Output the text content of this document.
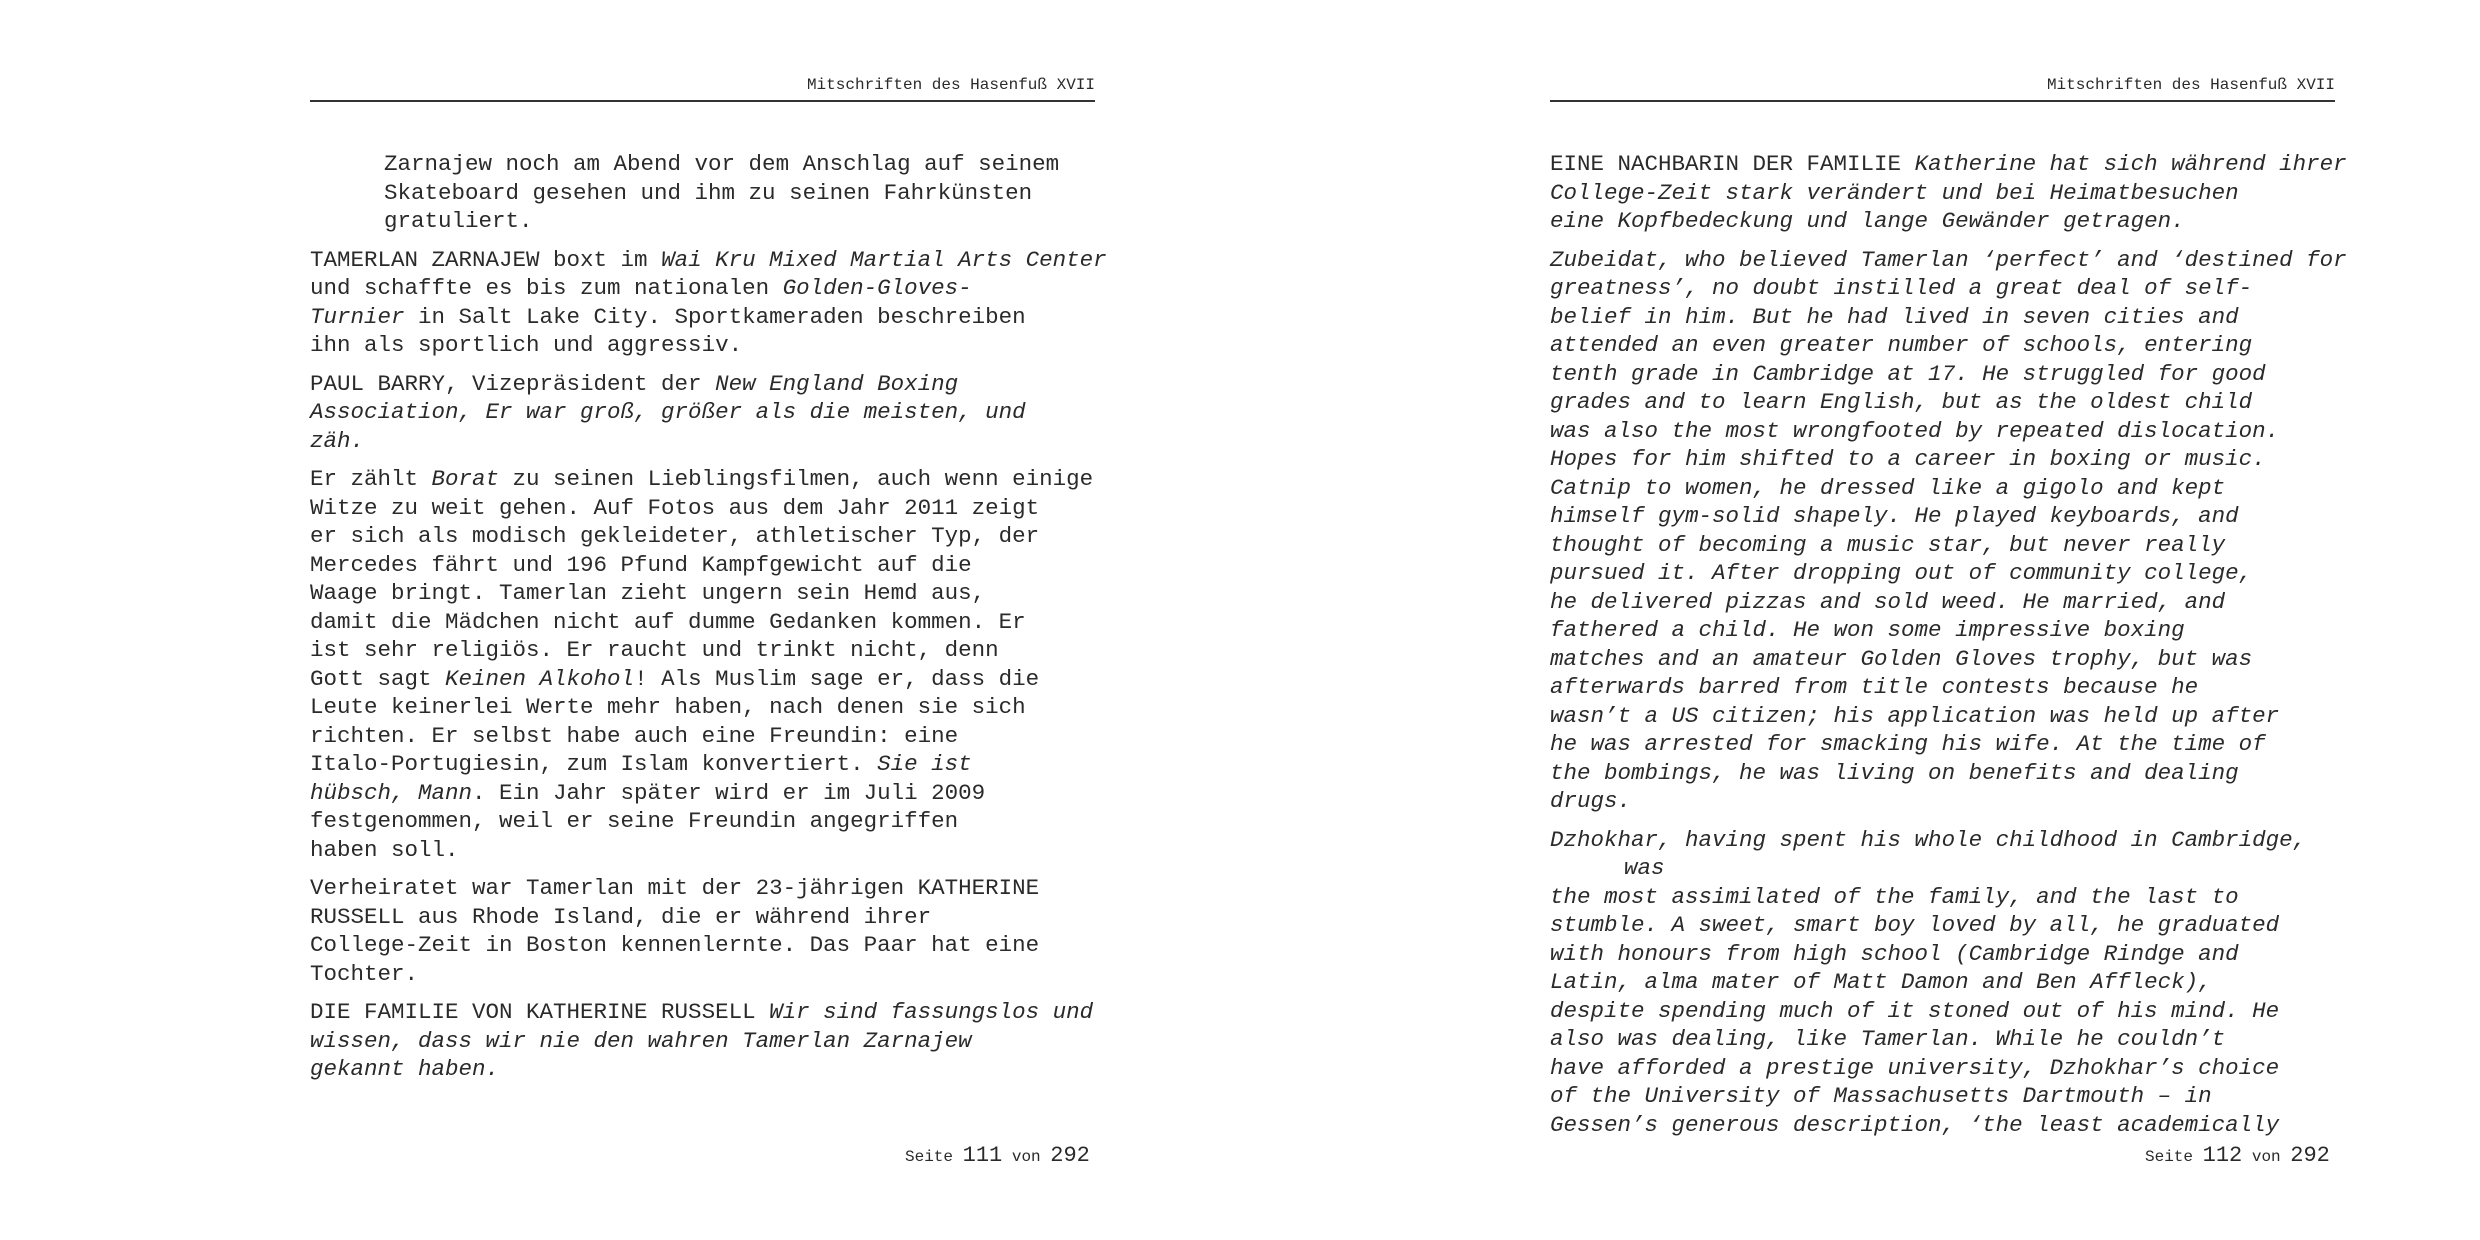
Mitschriften des Hasenfuß XVII
Zarnajew noch am Abend vor dem Anschlag auf seinem
Skateboard gesehen und ihm zu seinen Fahrkünsten
gratuliert.
TAMERLAN ZARNAJEW boxt im Wai Kru Mixed Martial Arts Center
und schaffte es bis zum nationalen Golden-Gloves-
Turnier in Salt Lake City. Sportkameraden beschreiben
ihn als sportlich und aggressiv.
PAUL BARRY, Vizepräsident der New England Boxing
Association, Er war groß, größer als die meisten, und
zäh.
Er zählt Borat zu seinen Lieblingsfilmen, auch wenn einige
Witze zu weit gehen. Auf Fotos aus dem Jahr 2011 zeigt
er sich als modisch gekleideter, athletischer Typ, der
Mercedes fährt und 196 Pfund Kampfgewicht auf die
Waage bringt. Tamerlan zieht ungern sein Hemd aus,
damit die Mädchen nicht auf dumme Gedanken kommen. Er
ist sehr religiös. Er raucht und trinkt nicht, denn
Gott sagt Keinen Alkohol! Als Muslim sage er, dass die
Leute keinerlei Werte mehr haben, nach denen sie sich
richten. Er selbst habe auch eine Freundin: eine
Italo-Portugiesin, zum Islam konvertiert. Sie ist
hübsch, Mann. Ein Jahr später wird er im Juli 2009
festgenommen, weil er seine Freundin angegriffen
haben soll.
Verheiratet war Tamerlan mit der 23-jährigen KATHERINE
RUSSELL aus Rhode Island, die er während ihrer
College-Zeit in Boston kennenlernte. Das Paar hat eine
Tochter.
DIE FAMILIE VON KATHERINE RUSSELL Wir sind fassungslos und
wissen, dass wir nie den wahren Tamerlan Zarnajew
gekannt haben.
Seite 111 von 292
Mitschriften des Hasenfuß XVII
EINE NACHBARIN DER FAMILIE Katherine hat sich während ihrer
College-Zeit stark verändert und bei Heimatbesuchen
eine Kopfbedeckung und lange Gewänder getragen.
Zubeidat, who believed Tamerlan ‘perfect’ and ‘destined for
greatness’, no doubt instilled a great deal of self-
belief in him. But he had lived in seven cities and
attended an even greater number of schools, entering
tenth grade in Cambridge at 17. He struggled for good
grades and to learn English, but as the oldest child
was also the most wrongfooted by repeated dislocation.
Hopes for him shifted to a career in boxing or music.
Catnip to women, he dressed like a gigolo and kept
himself gym-solid shapely. He played keyboards, and
thought of becoming a music star, but never really
pursued it. After dropping out of community college,
he delivered pizzas and sold weed. He married, and
fathered a child. He won some impressive boxing
matches and an amateur Golden Gloves trophy, but was
afterwards barred from title contests because he
wasn’t a US citizen; his application was held up after
he was arrested for smacking his wife. At the time of
the bombings, he was living on benefits and dealing
drugs.
Dzhokhar, having spent his whole childhood in Cambridge, was
the most assimilated of the family, and the last to
stumble. A sweet, smart boy loved by all, he graduated
with honours from high school (Cambridge Rindge and
Latin, alma mater of Matt Damon and Ben Affleck),
despite spending much of it stoned out of his mind. He
also was dealing, like Tamerlan. While he couldn’t
have afforded a prestige university, Dzhokhar’s choice
of the University of Massachusetts Dartmouth – in
Gessen’s generous description, ‘the least academically
Seite 112 von 292
